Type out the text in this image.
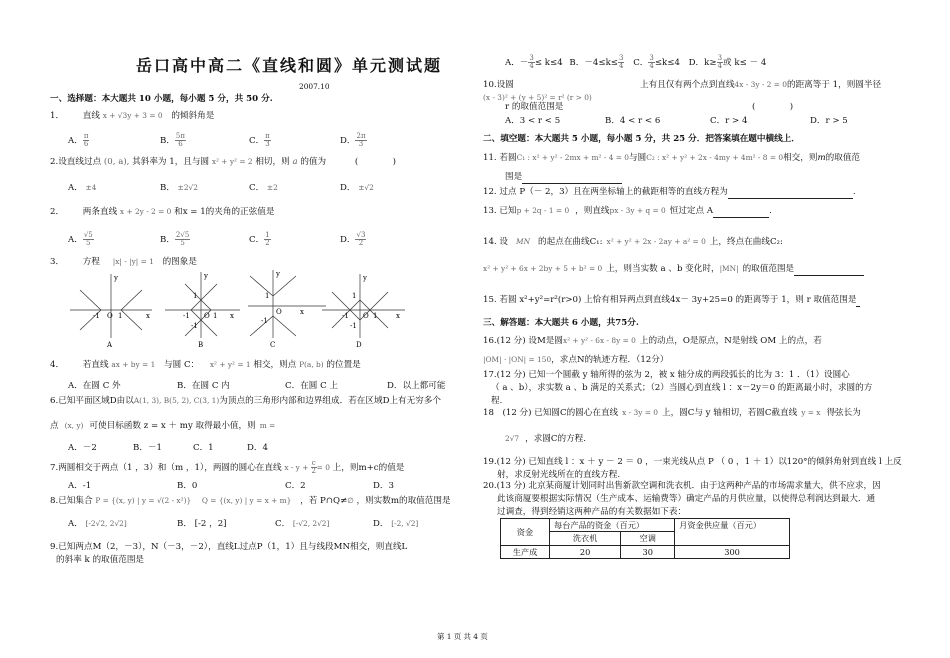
岳口高中高二《直线和圆》单元测试题
2007.10
一、选择题：本大题共 10 小题，每小题 5 分，共 50 分.
1． 直线 x + √3y + 3 = 0 的倾斜角是
A． $\frac{\pi}{6}$	B． $\frac{5\pi}{6}$	C． $\frac{\pi}{3}$	D． $\frac{2\pi}{3}$
2.设直线过点 (0, a), 其斜率为 1，且与圆 x² + y² = 2 相切，则 a 的值为	(　　　　)
A． ±4	B． ±2√2	C． ±2	D． ±√2
2． 两条直线 x + 2y - 2 = 0 和x = 1的夹角的正弦值是
A． $\frac{√5}{5}$	B． $\frac{2√5}{5}$	C． $\frac{1}{2}$	D． $\frac{√3}{2}$
3． 方程 |x| - |y| = 1 的图象是
y
x
-1 O 1
A
y
1
-1 O 1 x
-1
B
y
1
O	x
-1
C
y
1
-1 O 1	x
-1
D
4． 若直线 ax + by = 1 与圆 C： x² + y² = 1 相交，则点 P(a, b) 的位置是
A．在圆 C 外	B．在圆 C 内	C．在圆 C 上	D．以上都可能
6.已知平面区域D由以A(1, 3), B(5, 2), C(3, 1)为顶点的三角形内部和边界组成．若在区域D上有无穷多个
点 (x, y) 可使目标函数 z = x ＋ my 取得最小值，则 m =
A．－2	B．－1	C．1	D．4
7.两圆相交于两点（1 ，3）和（m ，1），两圆的圆心在直线 $x - y + \frac{c}{2} = 0$ 上，则m+c的值是
A．-1	B．0	C．2	D．3
8.已知集合 P = {(x, y) | y = √(2 - x²)} Q = {(x, y) | y = x + m} ，若 P∩Q≠∅ ，则实数m的取值范围是
A． [-2√2, 2√2]	B． [-2 ，2]	C． [-√2, 2√2]	D． [-2, √2]
9.已知两点M（2，－3），N（－3，－2），直线L过点P（1，1）且与线段MN相交，则直线L
的斜率 k 的取值范围是
A．－ $\frac{3}{4} \le k\le 4$ B．$-4\le k\le \frac{3}{4}$ C． $\frac{3}{4} \le k\le 4$ D．$k\ge \frac{3}{4}$ 或 k≤ － 4
10.设圆
(x - 3)² + (y + 5)² = r² (r > 0)
上有且仅有两个点到直线4x - 3y - 2 = 0的距离等于 1，则圆半径
r 的取值范围是	(　　　　)
A．3 < r < 5	B．4 < r < 6	C．r > 4	D．r > 5
二、填空题：本大题共 5 小题，每小题 5 分，共 25 分．把答案填在题中横线上．
11. 若圆C₁ : x² + y² - 2mx + m² - 4 = 0与圆C₂ : x² + y² + 2x - 4my + 4m² - 8 = 0相交，则m的取值范
围是
12. 过点 P（－ 2，3）且在两坐标轴上的截距相等的直线方程为	.
13. 已知p + 2q - 1 = 0 ，则直线px - 3y + q = 0 恒过定点 A	.
14. 设 MN 的起点在曲线C₁: x² + y² + 2x - 2ay + a² = 0 上，终点在曲线C₂:
x² + y² + 6x + 2by + 5 + b² = 0 上，则当实数 a 、b 变化时，|MN| 的取值范围是
15. 若圆 x²+y²=r²(r>0) 上恰有相异两点到直线4x－ 3y+25=0 的距离等于 1，则 r 取值范围是
三、解答题：本大题共 6 小题，共75分.
16.(12 分) 设M是圆x² + y² - 6x - 8y = 0 上的动点，O是原点，N是射线 OM 上的点，若
|OM| · |ON| = 150，求点N的轨迹方程．（12分）
17.(12 分) 已知一个圆截 y 轴所得的弦为 2，被 x 轴分成的两段弧长的比为 3：1 ．（1）设圆心
（ a 、b），求实数 a 、b 满足的关系式；（2）当圆心到直线 l ：x－2y＝0 的距离最小时，求圆的方
程.
18　(12 分) 已知圆C的圆心在直线 x - 3y = 0 上，圆C与 y 轴相切，若圆C截直线 y = x 得弦长为
2√7 ，求圆C的方程.
19.(12 分) 已知直线 l ：x ＋ y － 2 ＝ 0 ，一束光线从点 P （ 0 ，1 ＋ 1）以120°的倾斜角射到直线 l 上反
射，求反射光线所在的直线方程.
20.(13 分) 北京某商厦计划同时出售新款空调和洗衣机．由于这两种产品的市场需求量大，供不应求，因
此该商厦要根据实际情况（生产成本、运输费等）确定产品的月供应量，以使得总利润达到最大．通
过调查，得到经销这两种产品的有关数据如下表：
资金	每台产品的资金（百元）		月资金供应量（百元）
	洗衣机	空调	
生产成	20	30	300
第 1 页 共 4 页
